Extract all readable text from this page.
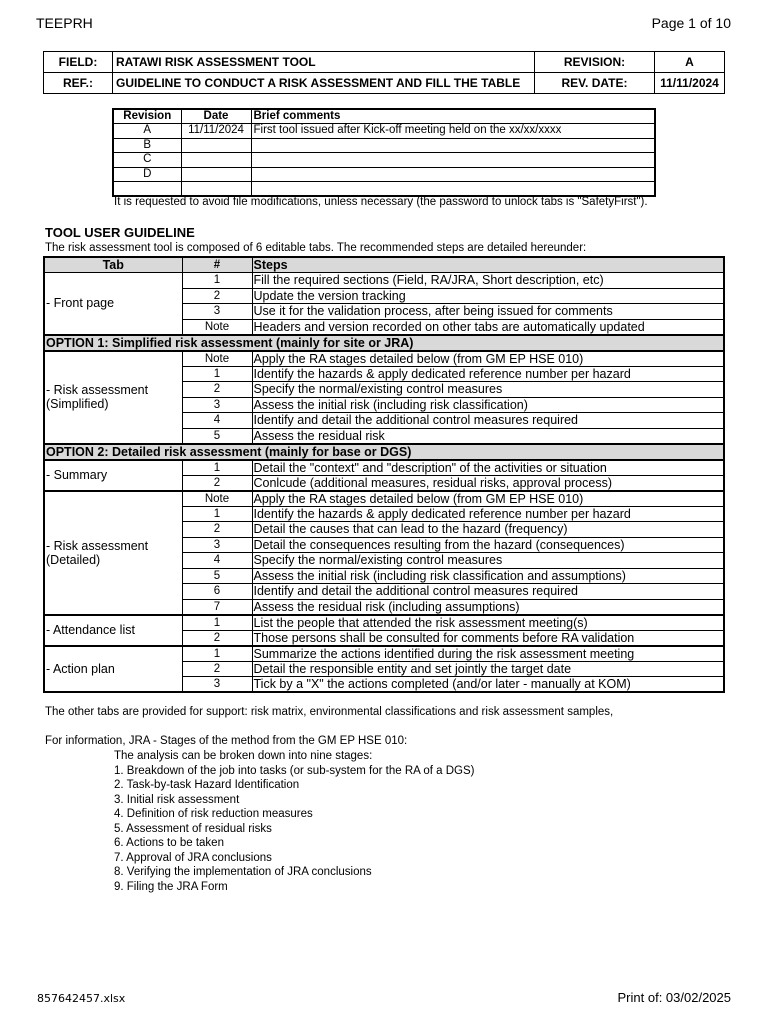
TEEPRH	Page 1 of 10
FIELD:	RATAWI RISK ASSESSMENT TOOL	REVISION:	A
REF.:	GUIDELINE TO CONDUCT A RISK ASSESSMENT AND FILL THE TABLE	REV. DATE:	11/11/2024
Revision	Date	Brief comments
A	11/11/2024	First tool issued after Kick-off meeting held on the xx/xx/xxxx
B		
C		
D		

It is requested to avoid file modifications, unless necessary (the password to unlock tabs is "SafetyFirst").
TOOL USER GUIDELINE
The risk assessment tool is composed of 6 editable tabs. The recommended steps are detailed hereunder:
Tab	#	Steps
- Front page	1	Fill the required sections (Field, RA/JRA, Short description, etc)
	2	Update the version tracking
	3	Use it for the validation process, after being issued for comments
	Note	Headers and version recorded on other tabs are automatically updated
OPTION 1: Simplified risk assessment (mainly for site or JRA)		

- Risk assessment
(Simplified)	Note	Apply the RA stages detailed below (from GM EP HSE 010)
	1	Identify the hazards & apply dedicated reference number per hazard
	2	Specify the normal/existing control measures
	3	Assess the initial risk (including risk classification)
	4	Identify and detail the additional control measures required
	5	Assess the residual risk
OPTION 2: Detailed risk assessment (mainly for base or DGS)		
- Summary	1	Detail the "context" and "description" of the activities or situation
	2	Conlcude (additional measures, residual risks, approval process)

- Risk assessment
(Detailed)	Note	Apply the RA stages detailed below (from GM EP HSE 010)
	1	Identify the hazards & apply dedicated reference number per hazard
	2	Detail the causes that can lead to the hazard (frequency)
	3	Detail the consequences resulting from the hazard (consequences)
	4	Specify the normal/existing control measures
	5	Assess the initial risk (including risk classification and assumptions)
	6	Identify and detail the additional control measures required
	7	Assess the residual risk (including assumptions)
- Attendance list	1	List the people that attended the risk assessment meeting(s)
	2	Those persons shall be consulted for comments before RA validation
- Action plan	1	Summarize the actions identified during the risk assessment meeting
	2	Detail the responsible entity and set jointly the target date
	3	Tick by a "X" the actions completed (and/or later - manually at KOM)
The other tabs are provided for support: risk matrix, environmental classifications and risk assessment samples,
For information, JRA - Stages of the method from the GM EP HSE 010:
The analysis can be broken down into nine stages:
1. Breakdown of the job into tasks (or sub-system for the RA of a DGS)
2. Task-by-task Hazard Identification
3. Initial risk assessment
4. Definition of risk reduction measures
5. Assessment of residual risks
6. Actions to be taken
7. Approval of JRA conclusions
8. Verifying the implementation of JRA conclusions
9. Filing the JRA Form
857642457.xlsx	Print of: 03/02/2025
